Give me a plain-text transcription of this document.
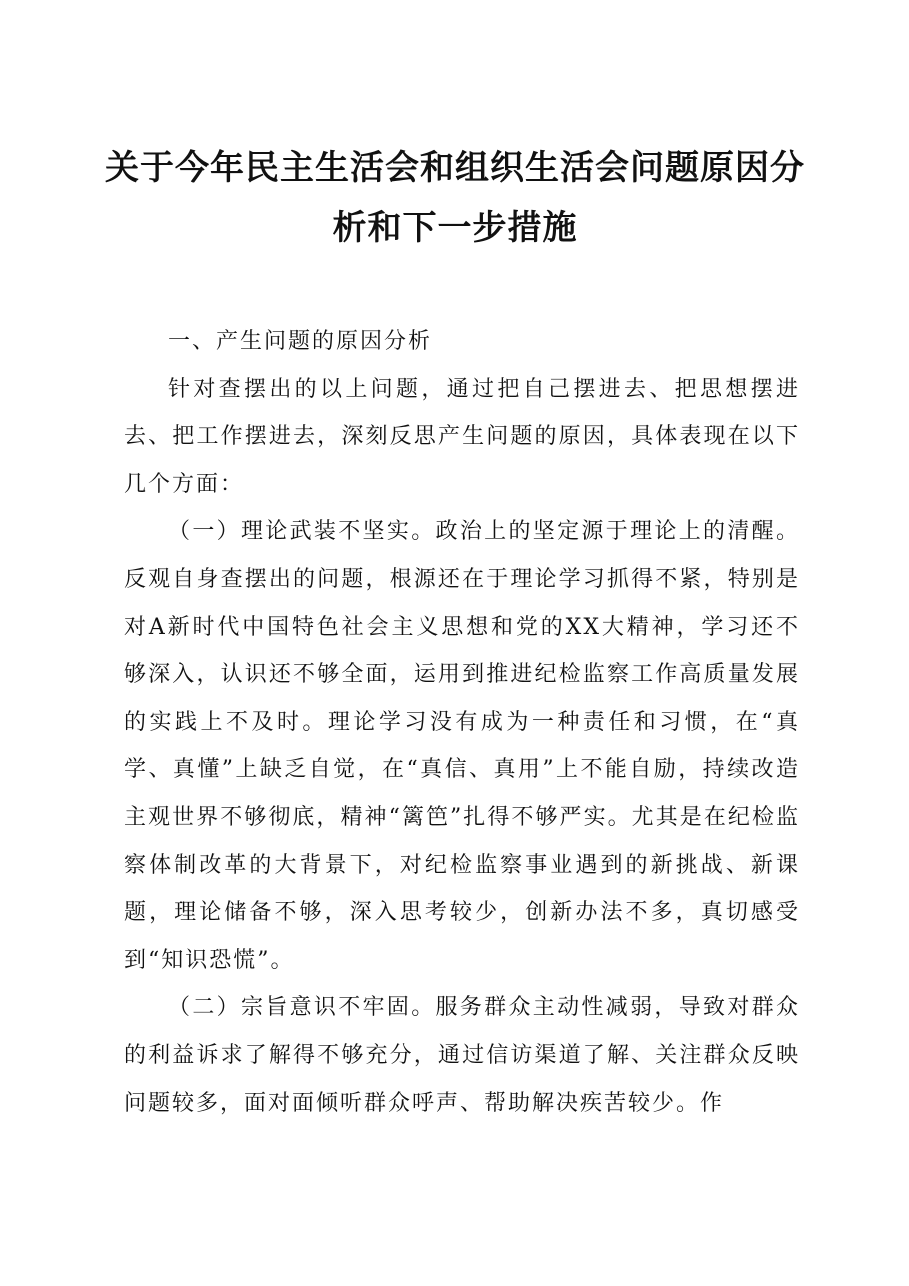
关于今年民主生活会和组织生活会问题原因分析和下一步措施

一、产生问题的原因分析

针对查摆出的以上问题，通过把自己摆进去、把思想摆进去、把工作摆进去，深刻反思产生问题的原因，具体表现在以下几个方面：

（一）理论武装不坚实。政治上的坚定源于理论上的清醒。反观自身查摆出的问题，根源还在于理论学习抓得不紧，特别是对A新时代中国特色社会主义思想和党的XX大精神，学习还不够深入，认识还不够全面，运用到推进纪检监察工作高质量发展的实践上不及时。理论学习没有成为一种责任和习惯，在“真学、真懂”上缺乏自觉，在“真信、真用”上不能自励，持续改造主观世界不够彻底，精神“篱笆”扎得不够严实。尤其是在纪检监察体制改革的大背景下，对纪检监察事业遇到的新挑战、新课题，理论储备不够，深入思考较少，创新办法不多，真切感受到“知识恐慌”。

（二）宗旨意识不牢固。服务群众主动性减弱，导致对群众的利益诉求了解得不够充分，通过信访渠道了解、关注群众反映问题较多，面对面倾听群众呼声、帮助解决疾苦较少。作
